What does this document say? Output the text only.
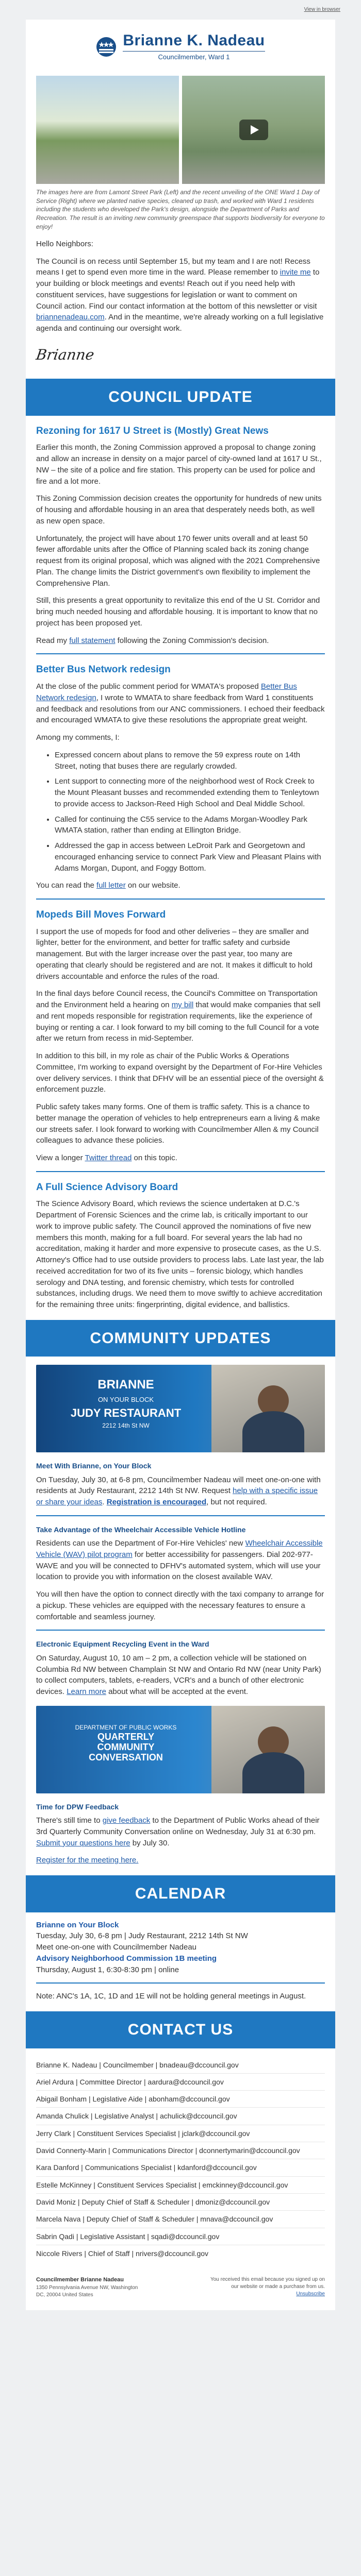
View in browser
Brianne K. Nadeau
Councilmember, Ward 1
The images here are from Lamont Street Park (Left) and the recent unveiling of the ONE Ward 1 Day of Service (Right) where we planted native species, cleaned up trash, and worked with Ward 1 residents including the students who developed the Park's design, alongside the Department of Parks and Recreation. The result is an inviting new community greenspace that supports biodiversity for everyone to enjoy!

Hello Neighbors:

The Council is on recess until September 15, but my team and I are not! Recess means I get to spend even more time in the ward. Please remember to invite me to your building or block meetings and events! Reach out if you need help with constituent services, have suggestions for legislation or want to comment on Council action. Find our contact information at the bottom of this newsletter or visit briannenadeau.com. And in the meantime, we're already working on a full legislative agenda and continuing our oversight work.

Brianne
COUNCIL UPDATE
Rezoning for 1617 U Street is (Mostly) Great News

Earlier this month, the Zoning Commission approved a proposal to change zoning and allow an increase in density on a major parcel of city-owned land at 1617 U St., NW – the site of a police and fire station. This property can be used for police and fire and a lot more.

This Zoning Commission decision creates the opportunity for hundreds of new units of housing and affordable housing in an area that desperately needs both, as well as new open space.

Unfortunately, the project will have about 170 fewer units overall and at least 50 fewer affordable units after the Office of Planning scaled back its zoning change request from its original proposal, which was aligned with the 2021 Comprehensive Plan. The change limits the District government's own flexibility to implement the Comprehensive Plan.

Still, this presents a great opportunity to revitalize this end of the U St. Corridor and bring much needed housing and affordable housing. It is important to know that no project has been proposed yet.

Read my full statement following the Zoning Commission's decision.

Better Bus Network redesign

At the close of the public comment period for WMATA's proposed Better Bus Network redesign, I wrote to WMATA to share feedback from Ward 1 constituents and feedback and resolutions from our ANC commissioners. I echoed their feedback and encouraged WMATA to give these resolutions the appropriate great weight.

Among my comments, I:

• Expressed concern about plans to remove the 59 express route on 14th Street, noting that buses there are regularly crowded.
• Lent support to connecting more of the neighborhood west of Rock Creek to the Mount Pleasant busses and recommended extending them to Tenleytown to provide access to Jackson-Reed High School and Deal Middle School.
• Called for continuing the C55 service to the Adams Morgan-Woodley Park WMATA station, rather than ending at Ellington Bridge.
• Addressed the gap in access between LeDroit Park and Georgetown and encouraged enhancing service to connect Park View and Pleasant Plains with Adams Morgan, Dupont, and Foggy Bottom.

You can read the full letter on our website.

Mopeds Bill Moves Forward

I support the use of mopeds for food and other deliveries – they are smaller and lighter, better for the environment, and better for traffic safety and curbside management. But with the larger increase over the past year, too many are operating that clearly should be registered and are not. It makes it difficult to hold drivers accountable and enforce the rules of the road.

In the final days before Council recess, the Council's Committee on Transportation and the Environment held a hearing on my bill that would make companies that sell and rent mopeds responsible for registration requirements, like the experience of buying or renting a car. I look forward to my bill coming to the full Council for a vote after we return from recess in mid-September.

In addition to this bill, in my role as chair of the Public Works & Operations Committee, I'm working to expand oversight by the Department of For-Hire Vehicles over delivery services. I think that DFHV will be an essential piece of the oversight & enforcement puzzle.

Public safety takes many forms. One of them is traffic safety. This is a chance to better manage the operation of vehicles to help entrepreneurs earn a living & make our streets safer. I look forward to working with Councilmember Allen & my Council colleagues to advance these policies.

View a longer Twitter thread on this topic.

A Full Science Advisory Board

The Science Advisory Board, which reviews the science undertaken at D.C.'s Department of Forensic Sciences and the crime lab, is critically important to our work to improve public safety. The Council approved the nominations of five new members this month, making for a full board. For several years the lab had no accreditation, making it harder and more expensive to prosecute cases, as the U.S. Attorney's Office had to use outside providers to process labs. Late last year, the lab received accreditation for two of its five units – forensic biology, which handles serology and DNA testing, and forensic chemistry, which tests for controlled substances, including drugs. We need them to move swiftly to achieve accreditation for the remaining three units: fingerprinting, digital evidence, and ballistics.

COMMUNITY UPDATES
BRIANNE
ON YOUR BLOCK
JUDY RESTAURANT
2212 14th St NW
Meet With Brianne, on Your Block

On Tuesday, July 30, at 6-8 pm, Councilmember Nadeau will meet one-on-one with residents at Judy Restaurant, 2212 14th St NW. Request help with a specific issue or share your ideas. Registration is encouraged, but not required.

Take Advantage of the Wheelchair Accessible Vehicle Hotline

Residents can use the Department of For-Hire Vehicles' new Wheelchair Accessible Vehicle (WAV) pilot program for better accessibility for passengers. Dial 202-977-WAVE and you will be connected to DFHV's automated system, which will use your location to provide you with information on the closest available WAV.

You will then have the option to connect directly with the taxi company to arrange for a pickup. These vehicles are equipped with the necessary features to ensure a comfortable and seamless journey.

Electronic Equipment Recycling Event in the Ward

On Saturday, August 10, 10 am – 2 pm, a collection vehicle will be stationed on Columbia Rd NW between Champlain St NW and Ontario Rd NW (near Unity Park) to collect computers, tablets, e-readers, VCR's and a bunch of other electronic devices. Learn more about what will be accepted at the event.

DEPARTMENT OF PUBLIC WORKS
QUARTERLY
COMMUNITY
CONVERSATION
Time for DPW Feedback

There's still time to give feedback to the Department of Public Works ahead of their 3rd Quarterly Community Conversation online on Wednesday, July 31 at 6:30 pm. Submit your questions here by July 30.

Register for the meeting here.

CALENDAR
Brianne on Your Block
Tuesday, July 30, 6-8 pm | Judy Restaurant, 2212 14th St NW
Meet one-on-one with Councilmember Nadeau
Advisory Neighborhood Commission 1B meeting
Thursday, August 1, 6:30-8:30 pm | online

Note: ANC's 1A, 1C, 1D and 1E will not be holding general meetings in August.

CONTACT US
Brianne K. Nadeau | Councilmember | bnadeau@dccouncil.gov
Ariel Ardura | Committee Director | aardura@dccouncil.gov
Abigail Bonham | Legislative Aide | abonham@dccouncil.gov
Amanda Chulick | Legislative Analyst | achulick@dccouncil.gov
Jerry Clark | Constituent Services Specialist | jclark@dccouncil.gov
David Connerty-Marin | Communications Director | dconnertymarin@dccouncil.gov
Kara Danford | Communications Specialist | kdanford@dccouncil.gov
Estelle McKinney | Constituent Services Specialist | emckinney@dccouncil.gov
David Moniz | Deputy Chief of Staff & Scheduler | dmoniz@dccouncil.gov
Marcela Nava | Deputy Chief of Staff & Scheduler | mnava@dccouncil.gov
Sabrin Qadi | Legislative Assistant | sqadi@dccouncil.gov
Niccole Rivers | Chief of Staff | nrivers@dccouncil.gov
Councilmember Brianne Nadeau
1350 Pennsylvania Avenue NW, Washington
DC, 20004 United States
You received this email because you signed up on our website or made a purchase from us.
Unsubscribe
